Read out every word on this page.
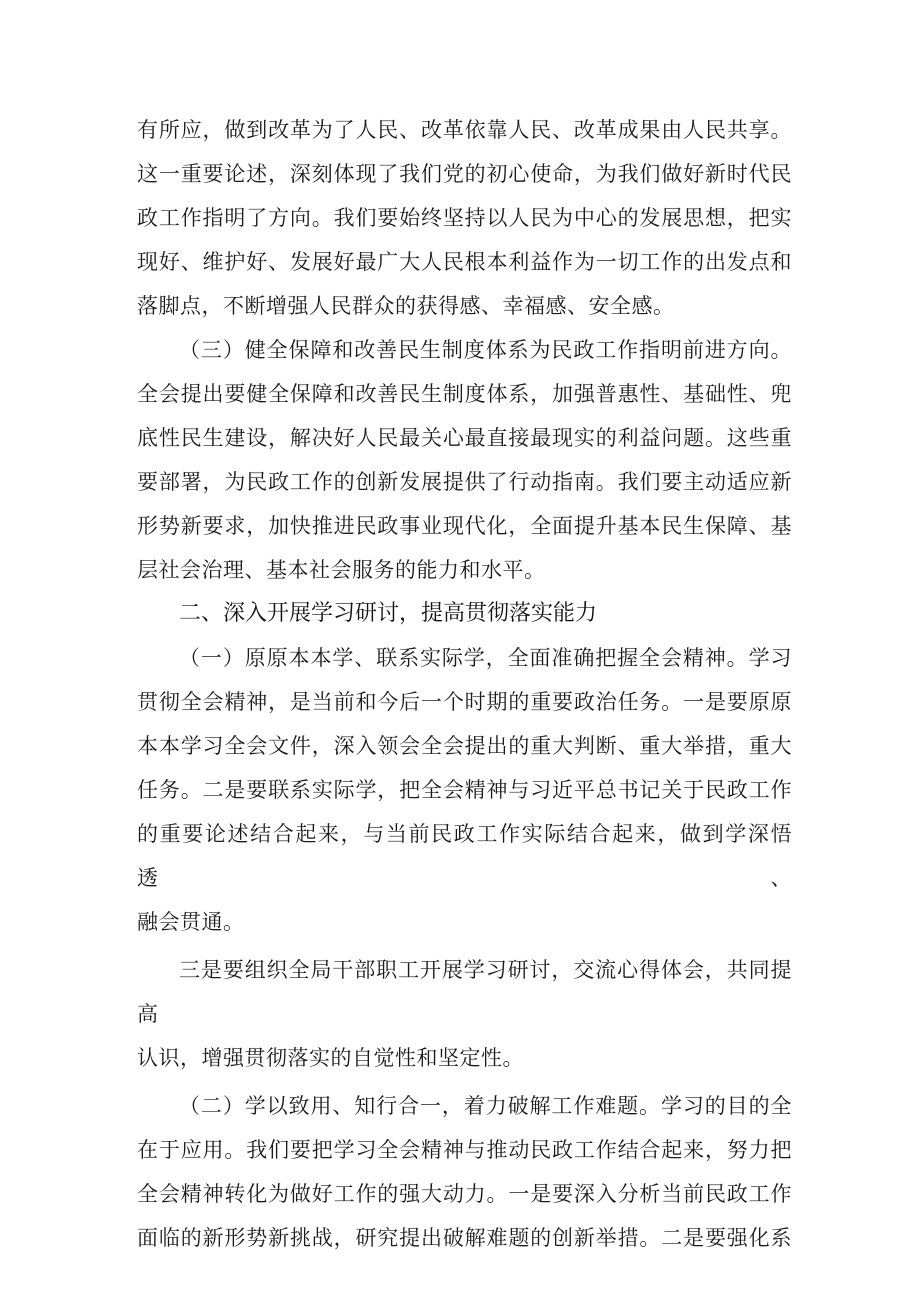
有所应，做到改革为了人民、改革依靠人民、改革成果由人民共享。

这一重要论述，深刻体现了我们党的初心使命，为我们做好新时代民

政工作指明了方向。我们要始终坚持以人民为中心的发展思想，把实

现好、维护好、发展好最广大人民根本利益作为一切工作的出发点和

落脚点，不断增强人民群众的获得感、幸福感、安全感。

（三）健全保障和改善民生制度体系为民政工作指明前进方向。

全会提出要健全保障和改善民生制度体系，加强普惠性、基础性、兜

底性民生建设，解决好人民最关心最直接最现实的利益问题。这些重

要部署，为民政工作的创新发展提供了行动指南。我们要主动适应新

形势新要求，加快推进民政事业现代化，全面提升基本民生保障、基

层社会治理、基本社会服务的能力和水平。

二、深入开展学习研讨，提高贯彻落实能力

（一）原原本本学、联系实际学，全面准确把握全会精神。学习

贯彻全会精神，是当前和今后一个时期的重要政治任务。一是要原原

本本学习全会文件，深入领会全会提出的重大判断、重大举措，重大

任务。二是要联系实际学，把全会精神与习近平总书记关于民政工作

的重要论述结合起来，与当前民政工作实际结合起来，做到学深悟透、

融会贯通。

三是要组织全局干部职工开展学习研讨，交流心得体会，共同提高

认识，增强贯彻落实的自觉性和坚定性。

（二）学以致用、知行合一，着力破解工作难题。学习的目的全

在于应用。我们要把学习全会精神与推动民政工作结合起来，努力把

全会精神转化为做好工作的强大动力。一是要深入分析当前民政工作

面临的新形势新挑战，研究提出破解难题的创新举措。二是要强化系
